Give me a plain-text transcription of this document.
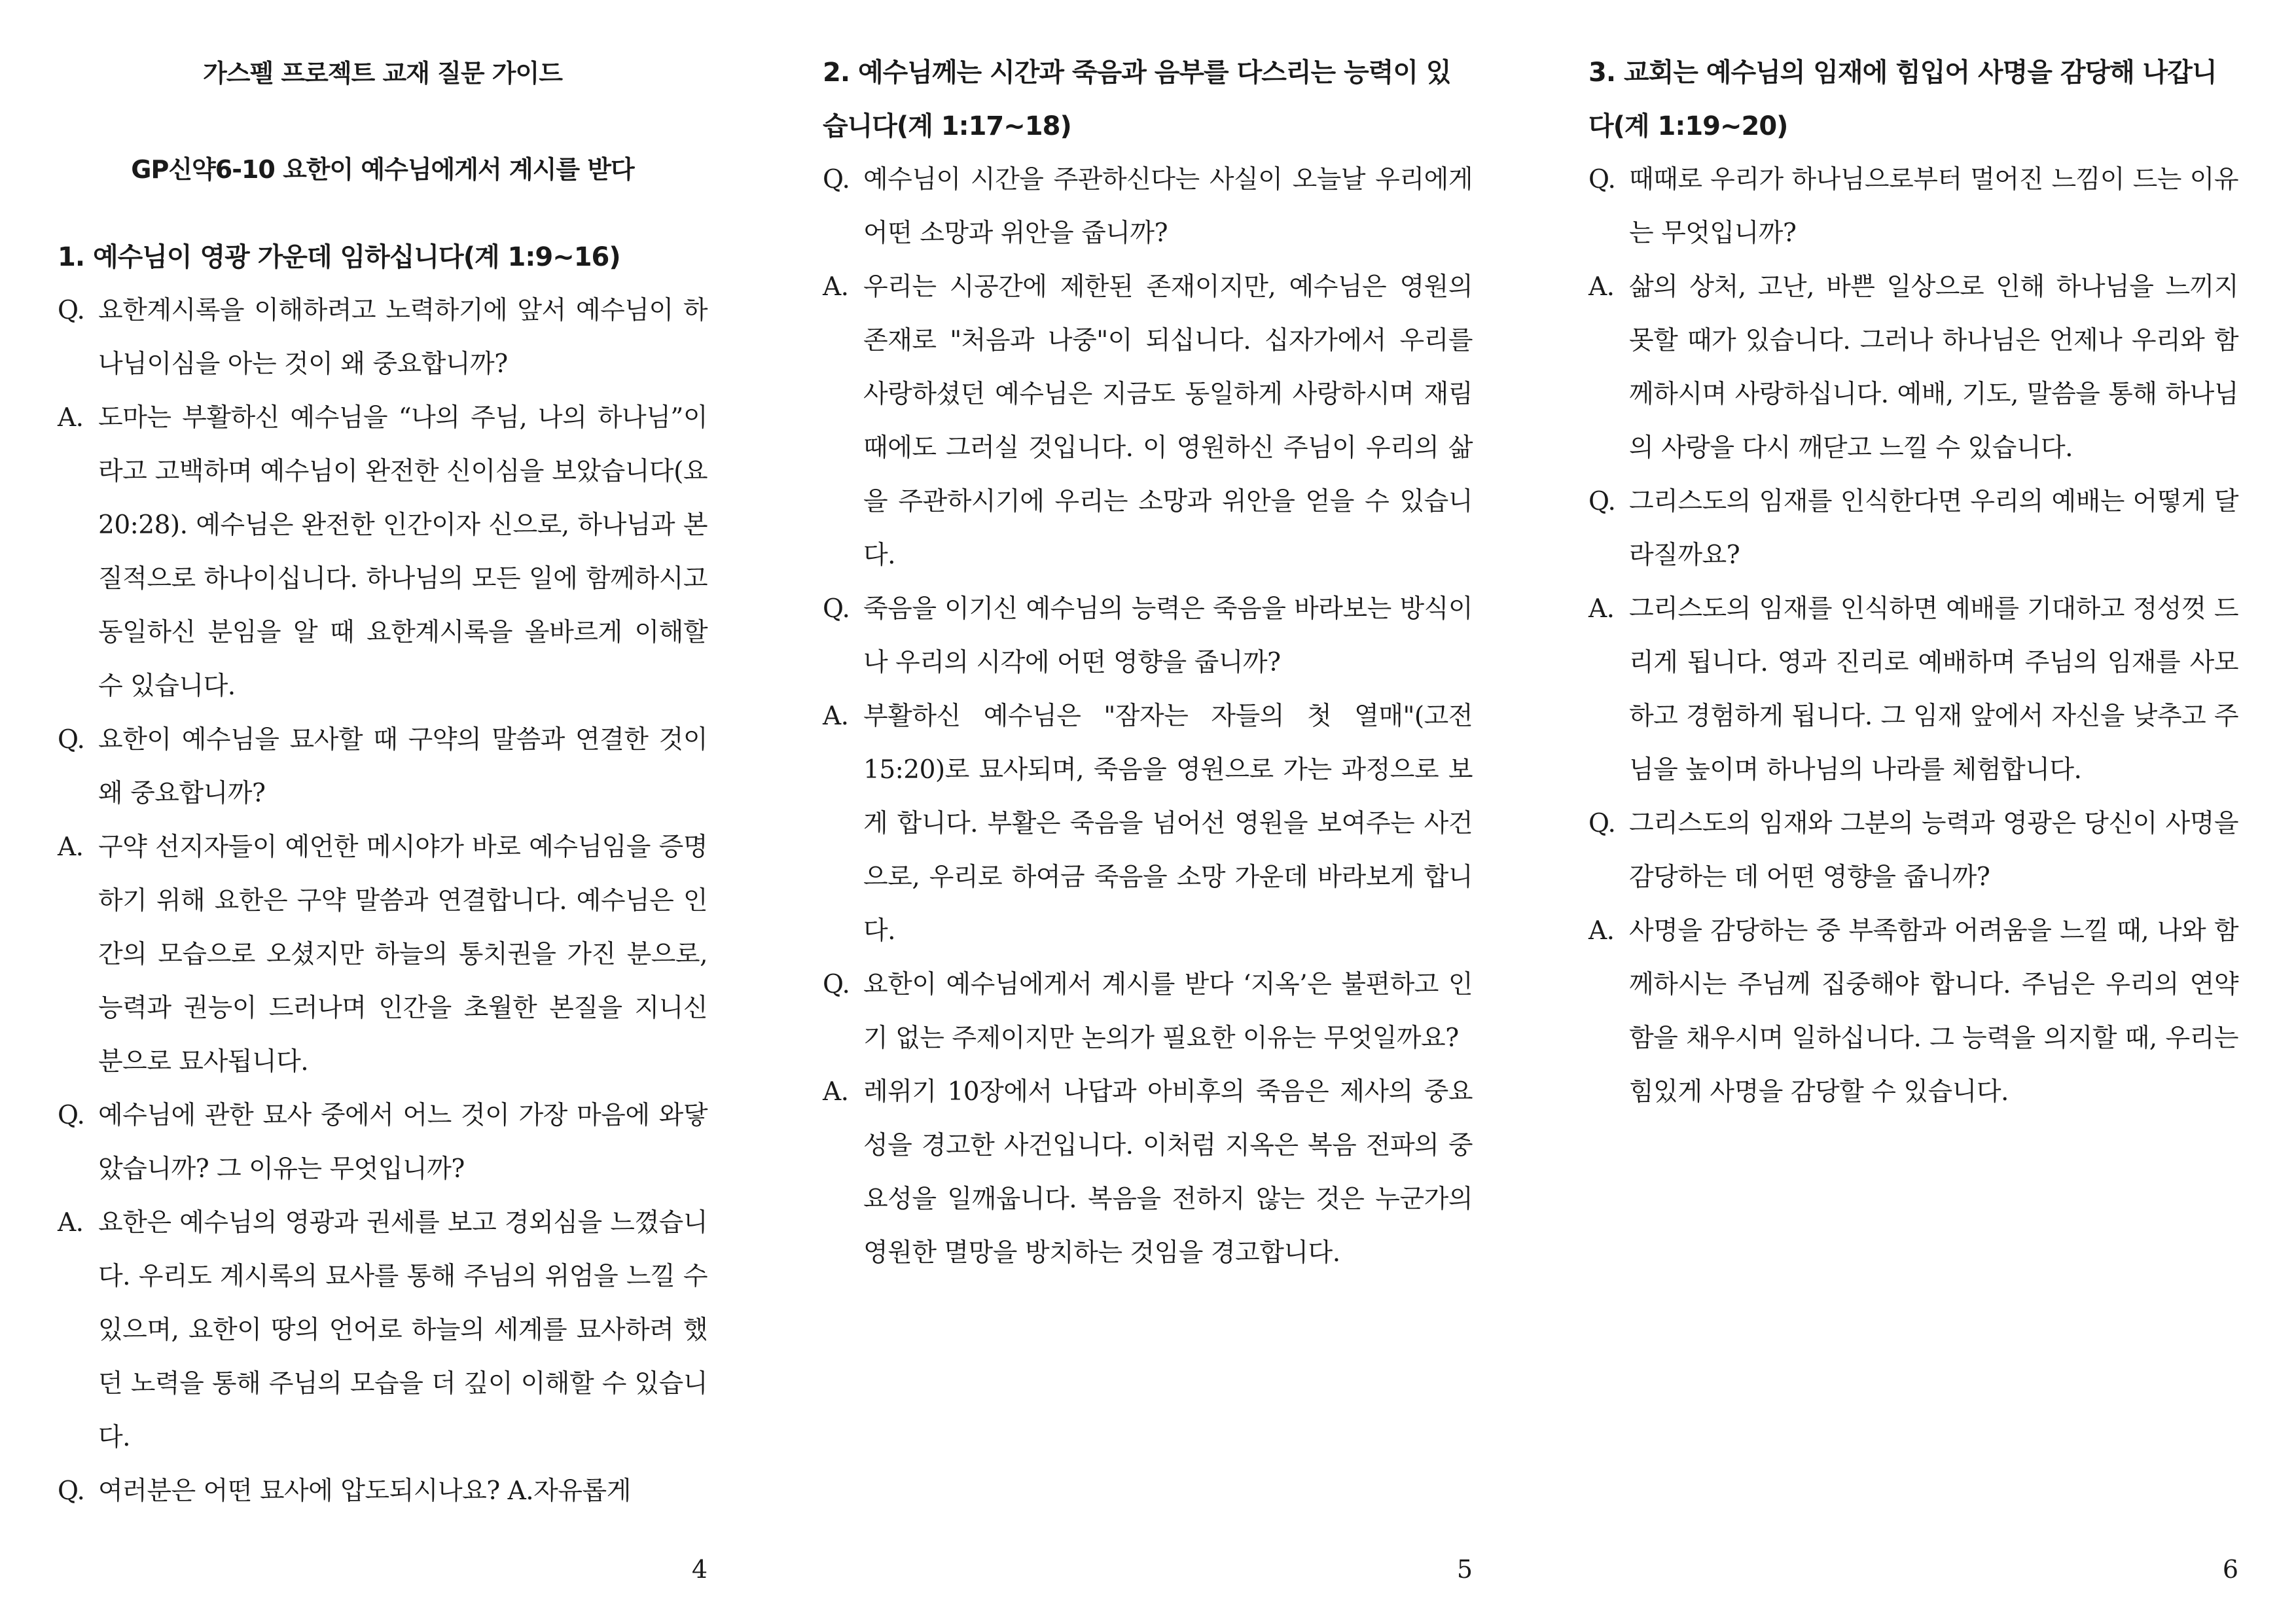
가스펠 프로젝트 교재 질문 가이드
GP신약6-10 요한이 예수님에게서 계시를 받다
1. 예수님이 영광 가운데 임하십니다(계 1:9~16)
Q. 요한계시록을 이해하려고 노력하기에 앞서 예수님이 하나님이심을 아는 것이 왜 중요합니까?
A. 도마는 부활하신 예수님을 “나의 주님, 나의 하나님”이라고 고백하며 예수님이 완전한 신이심을 보았습니다(요 20:28). 예수님은 완전한 인간이자 신으로, 하나님과 본질적으로 하나이십니다. 하나님의 모든 일에 함께하시고 동일하신 분임을 알 때 요한계시록을 올바르게 이해할 수 있습니다.
Q. 요한이 예수님을 묘사할 때 구약의 말씀과 연결한 것이 왜 중요합니까?
A. 구약 선지자들이 예언한 메시야가 바로 예수님임을 증명하기 위해 요한은 구약 말씀과 연결합니다. 예수님은 인간의 모습으로 오셨지만 하늘의 통치권을 가진 분으로, 능력과 권능이 드러나며 인간을 초월한 본질을 지니신 분으로 묘사됩니다.
Q. 예수님에 관한 묘사 중에서 어느 것이 가장 마음에 와닿았습니까? 그 이유는 무엇입니까?
A. 요한은 예수님의 영광과 권세를 보고 경외심을 느꼈습니다. 우리도 계시록의 묘사를 통해 주님의 위엄을 느낄 수 있으며, 요한이 땅의 언어로 하늘의 세계를 묘사하려 했던 노력을 통해 주님의 모습을 더 깊이 이해할 수 있습니다.
Q. 여러분은 어떤 묘사에 압도되시나요? A.자유롭게
4
2. 예수님께는 시간과 죽음과 음부를 다스리는 능력이 있습니다(계 1:17~18)
Q. 예수님이 시간을 주관하신다는 사실이 오늘날 우리에게 어떤 소망과 위안을 줍니까?
A. 우리는 시공간에 제한된 존재이지만, 예수님은 영원의 존재로 "처음과 나중"이 되십니다. 십자가에서 우리를 사랑하셨던 예수님은 지금도 동일하게 사랑하시며 재림 때에도 그러실 것입니다. 이 영원하신 주님이 우리의 삶을 주관하시기에 우리는 소망과 위안을 얻을 수 있습니다.
Q. 죽음을 이기신 예수님의 능력은 죽음을 바라보는 방식이나 우리의 시각에 어떤 영향을 줍니까?
A. 부활하신 예수님은 "잠자는 자들의 첫 열매"(고전 15:20)로 묘사되며, 죽음을 영원으로 가는 과정으로 보게 합니다. 부활은 죽음을 넘어선 영원을 보여주는 사건으로, 우리로 하여금 죽음을 소망 가운데 바라보게 합니다.
Q. 요한이 예수님에게서 계시를 받다 ‘지옥’은 불편하고 인기 없는 주제이지만 논의가 필요한 이유는 무엇일까요?
A. 레위기 10장에서 나답과 아비후의 죽음은 제사의 중요성을 경고한 사건입니다. 이처럼 지옥은 복음 전파의 중요성을 일깨웁니다. 복음을 전하지 않는 것은 누군가의 영원한 멸망을 방치하는 것임을 경고합니다.
5
3. 교회는 예수님의 임재에 힘입어 사명을 감당해 나갑니다(계 1:19~20)
Q. 때때로 우리가 하나님으로부터 멀어진 느낌이 드는 이유는 무엇입니까?
A. 삶의 상처, 고난, 바쁜 일상으로 인해 하나님을 느끼지 못할 때가 있습니다. 그러나 하나님은 언제나 우리와 함께하시며 사랑하십니다. 예배, 기도, 말씀을 통해 하나님의 사랑을 다시 깨닫고 느낄 수 있습니다.
Q. 그리스도의 임재를 인식한다면 우리의 예배는 어떻게 달라질까요?
A. 그리스도의 임재를 인식하면 예배를 기대하고 정성껏 드리게 됩니다. 영과 진리로 예배하며 주님의 임재를 사모하고 경험하게 됩니다. 그 임재 앞에서 자신을 낮추고 주님을 높이며 하나님의 나라를 체험합니다.
Q. 그리스도의 임재와 그분의 능력과 영광은 당신이 사명을 감당하는 데 어떤 영향을 줍니까?
A. 사명을 감당하는 중 부족함과 어려움을 느낄 때, 나와 함께하시는 주님께 집중해야 합니다. 주님은 우리의 연약함을 채우시며 일하십니다. 그 능력을 의지할 때, 우리는 힘있게 사명을 감당할 수 있습니다.
6
